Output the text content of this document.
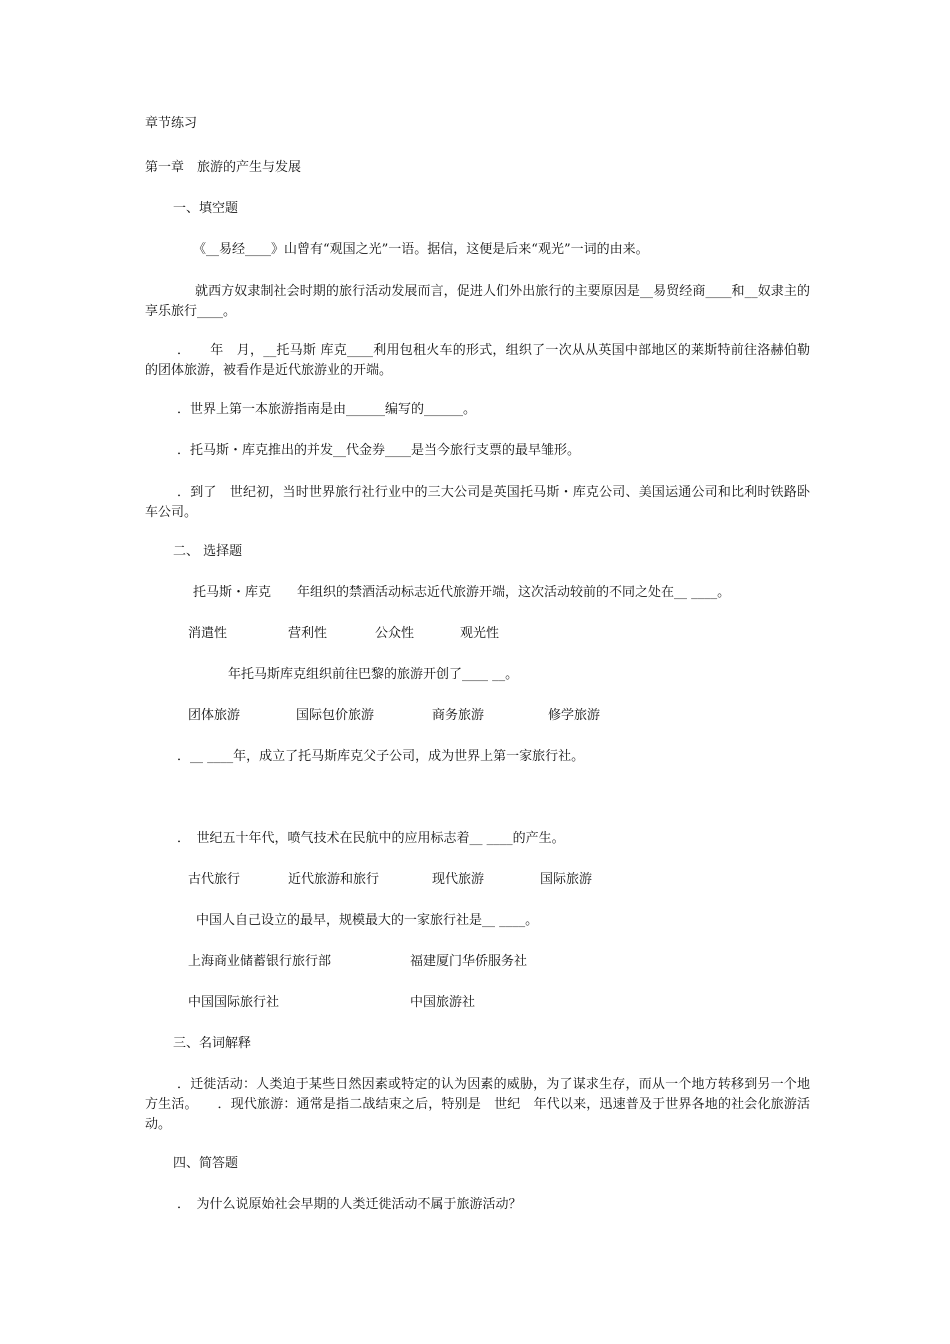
章节练习
第一章　旅游的产生与发展
一、填空题
《__易经____》山曾有“观国之光”一语。据信，这便是后来“观光”一词的由来。
就西方奴隶制社会时期的旅行活动发展而言，促进人们外出旅行的主要原因是__易贸经商____和__奴隶主的享乐旅行____。
．　　年　月，__托马斯 库克____利用包租火车的形式，组织了一次从从英国中部地区的莱斯特前往洛赫伯勒的团体旅游，被看作是近代旅游业的开端。
．世界上第一本旅游指南是由______编写的______。
．托马斯・库克推出的并发__代金券____是当今旅行支票的最早雏形。
．到了　世纪初，当时世界旅行社行业中的三大公司是英国托马斯・库克公司、美国运通公司和比利时铁路卧车公司。
二、 选择题
托马斯・库克　　年组织的禁酒活动标志近代旅游开端，这次活动较前的不同之处在__ ____。
消遣性	营利性	公众性	观光性
年托马斯库克组织前往巴黎的旅游开创了____ __。
团体旅游	国际包价旅游	商务旅游	修学旅游
．__ ____年，成立了托马斯库克父子公司，成为世界上第一家旅行社。
．　世纪五十年代，喷气技术在民航中的应用标志着__ ____的产生。
古代旅行	近代旅游和旅行	现代旅游	国际旅游
中国人自己设立的最早，规模最大的一家旅行社是__ ____。
上海商业储蓄银行旅行部	福建厦门华侨服务社
中国国际旅行社	中国旅游社
三、名词解释
．迁徙活动：人类迫于某些日然因素或特定的认为因素的威胁，为了谋求生存，而从一个地方转移到另一个地方生活。　　．现代旅游：通常是指二战结束之后，特别是　世纪　年代以来，迅速普及于世界各地的社会化旅游活动。
四、简答题
．　为什么说原始社会早期的人类迁徙活动不属于旅游活动？
